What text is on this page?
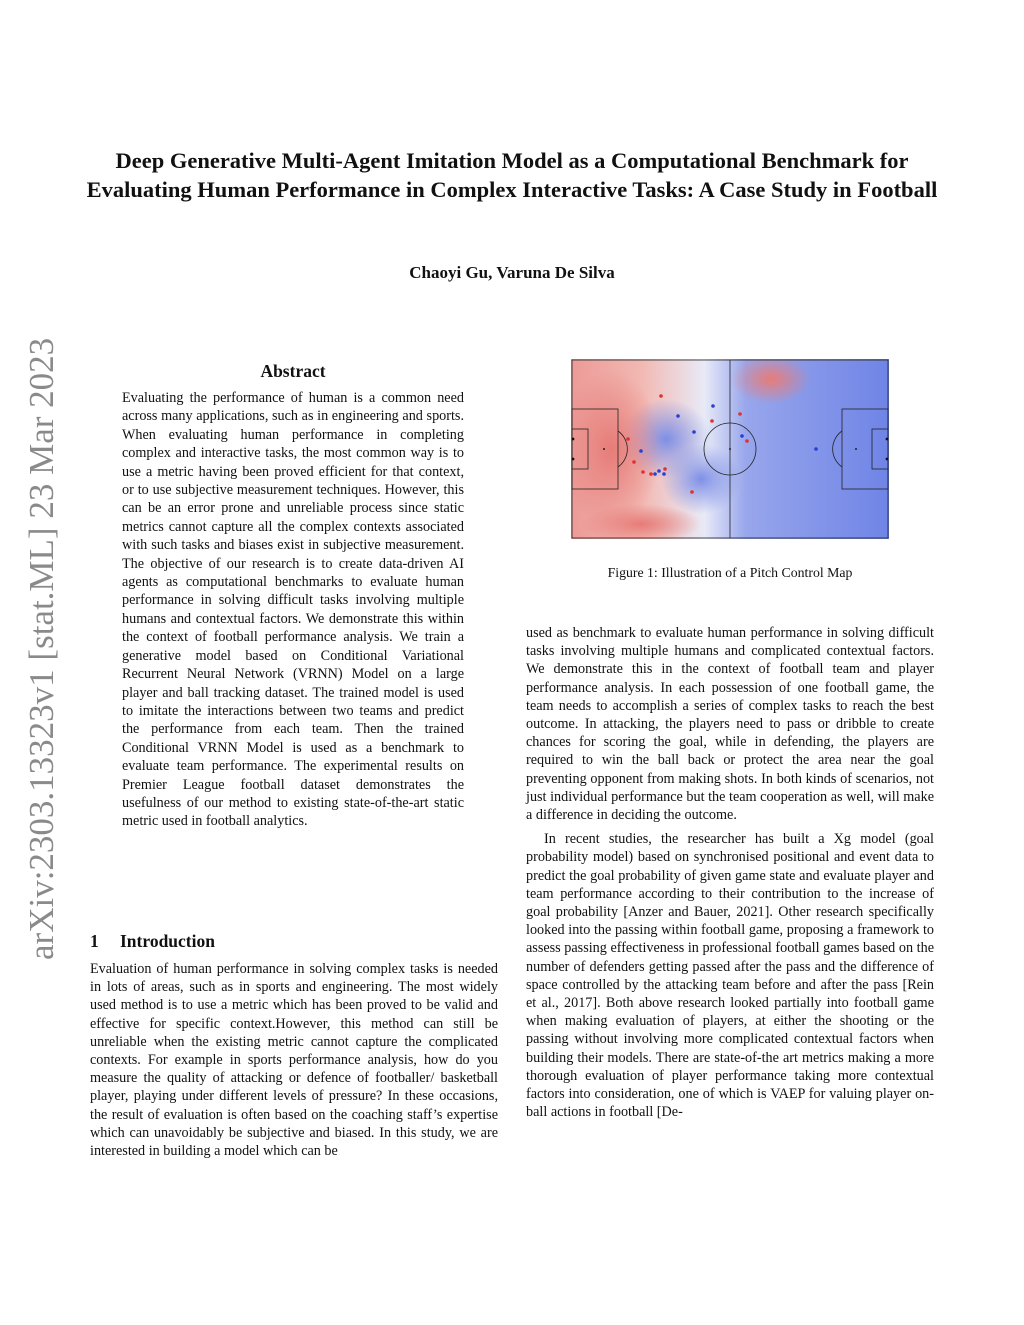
Deep Generative Multi-Agent Imitation Model as a Computational Benchmark for Evaluating Human Performance in Complex Interactive Tasks: A Case Study in Football
Chaoyi Gu, Varuna De Silva
arXiv:2303.13323v1 [stat.ML] 23 Mar 2023	Abstract
Evaluating the performance of human is a common need across many applications, such as in engineering and sports. When evaluating human performance in completing complex and interactive tasks, the most common way is to use a metric having been proved efficient for that context, or to use subjective measurement techniques. However, this can be an error prone and unreliable process since static metrics cannot capture all the complex contexts associated with such tasks and biases exist in subjective measurement. The objective of our research is to create data-driven AI agents as computational benchmarks to evaluate human performance in solving difficult tasks involving multiple humans and contextual factors. We demonstrate this within the context of football performance analysis. We train a generative model based on Conditional Variational Recurrent Neural Network (VRNN) Model on a large player and ball tracking dataset. The trained model is used to imitate the interactions between two teams and predict the performance from each team. Then the trained Conditional VRNN Model is used as a benchmark to evaluate team performance. The experimental results on Premier League football dataset demonstrates the usefulness of our method to existing state-of-the-art static metric used in football analytics.
1 Introduction
Evaluation of human performance in solving complex tasks is needed in lots of areas, such as in sports and engineering. The most widely used method is to use a metric which has been proved to be valid and effective for specific context.However, this method can still be unreliable when the existing metric cannot capture the complicated contexts. For example in sports performance analysis, how do you measure the quality of attacking or defence of footballer/ basketball player, playing under different levels of pressure? In these occasions, the result of evaluation is often based on the coaching staff’s expertise which can unavoidably be subjective and biased. In this study, we are interested in building a model which can be
Figure 1: Illustration of a Pitch Control Map

used as benchmark to evaluate human performance in solving difficult tasks involving multiple humans and complicated contextual factors. We demonstrate this in the context of football team and player performance analysis. In each possession of one football game, the team needs to accomplish a series of complex tasks to reach the best outcome. In attacking, the players need to pass or dribble to create chances for scoring the goal, while in defending, the players are required to win the ball back or protect the area near the goal preventing opponent from making shots. In both kinds of scenarios, not just individual performance but the team cooperation as well, will make a difference in deciding the outcome.

In recent studies, the researcher has built a Xg model (goal probability model) based on synchronised positional and event data to predict the goal probability of given game state and evaluate player and team performance according to their contribution to the increase of goal probability [Anzer and Bauer, 2021]. Other research specifically looked into the passing within football game, proposing a framework to assess passing effectiveness in professional football games based on the number of defenders getting passed after the pass and the difference of space controlled by the attacking team before and after the pass [Rein et al., 2017]. Both above research looked partially into football game when making evaluation of players, at either the shooting or the passing without involving more complicated contextual factors when building their models. There are state-of-the art metrics making a more thorough evaluation of player performance taking more contextual factors into consideration, one of which is VAEP for valuing player on-ball actions in football [De-
